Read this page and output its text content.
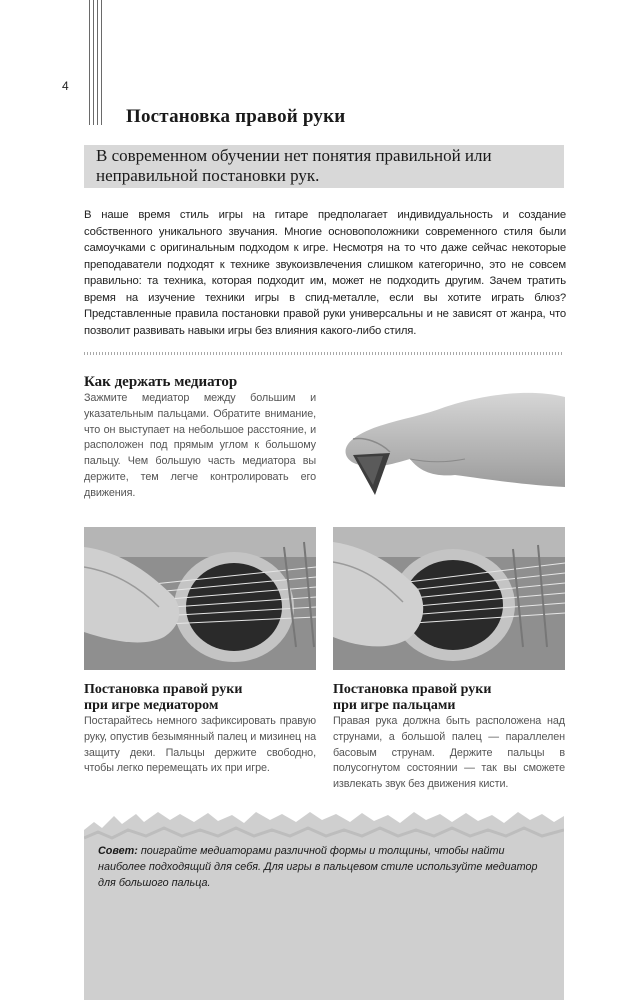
4
Постановка правой руки
В современном обучении нет понятия правильной или неправильной постановки рук.
В наше время стиль игры на гитаре предполагает индивидуальность и создание собственного уникального звучания. Многие основоположники современного стиля были самоучками с оригинальным подходом к игре. Несмотря на то что даже сейчас некоторые преподаватели подходят к технике звукоизвлечения слишком категорично, это не совсем правильно: та техника, которая подходит им, может не подходить другим. Зачем тратить время на изучение техники игры в спид-металле, если вы хотите играть блюз? Представленные правила постановки правой руки универсальны и не зависят от жанра, что позволит развивать навыки игры без влияния какого-либо стиля.
Как держать медиатор
Зажмите медиатор между большим и указательным пальцами. Обратите внимание, что он выступает на небольшое расстояние, и расположен под прямым углом к большому пальцу. Чем большую часть медиатора вы держите, тем легче контролировать его движения.
Постановка правой руки
при игре медиатором
Постарайтесь немного зафиксировать правую руку, опустив безымянный палец и мизинец на защиту деки. Пальцы держите свободно, чтобы легко перемещать их при игре.
Постановка правой руки
при игре пальцами
Правая рука должна быть расположена над струнами, а большой палец — параллелен басовым струнам. Держите пальцы в полусогнутом состоянии — так вы сможете извлекать звук без движения кисти.
Совет: поиграйте медиаторами различной формы и толщины, чтобы найти наиболее подходящий для себя. Для игры в пальцевом стиле используйте медиатор для большого пальца.
